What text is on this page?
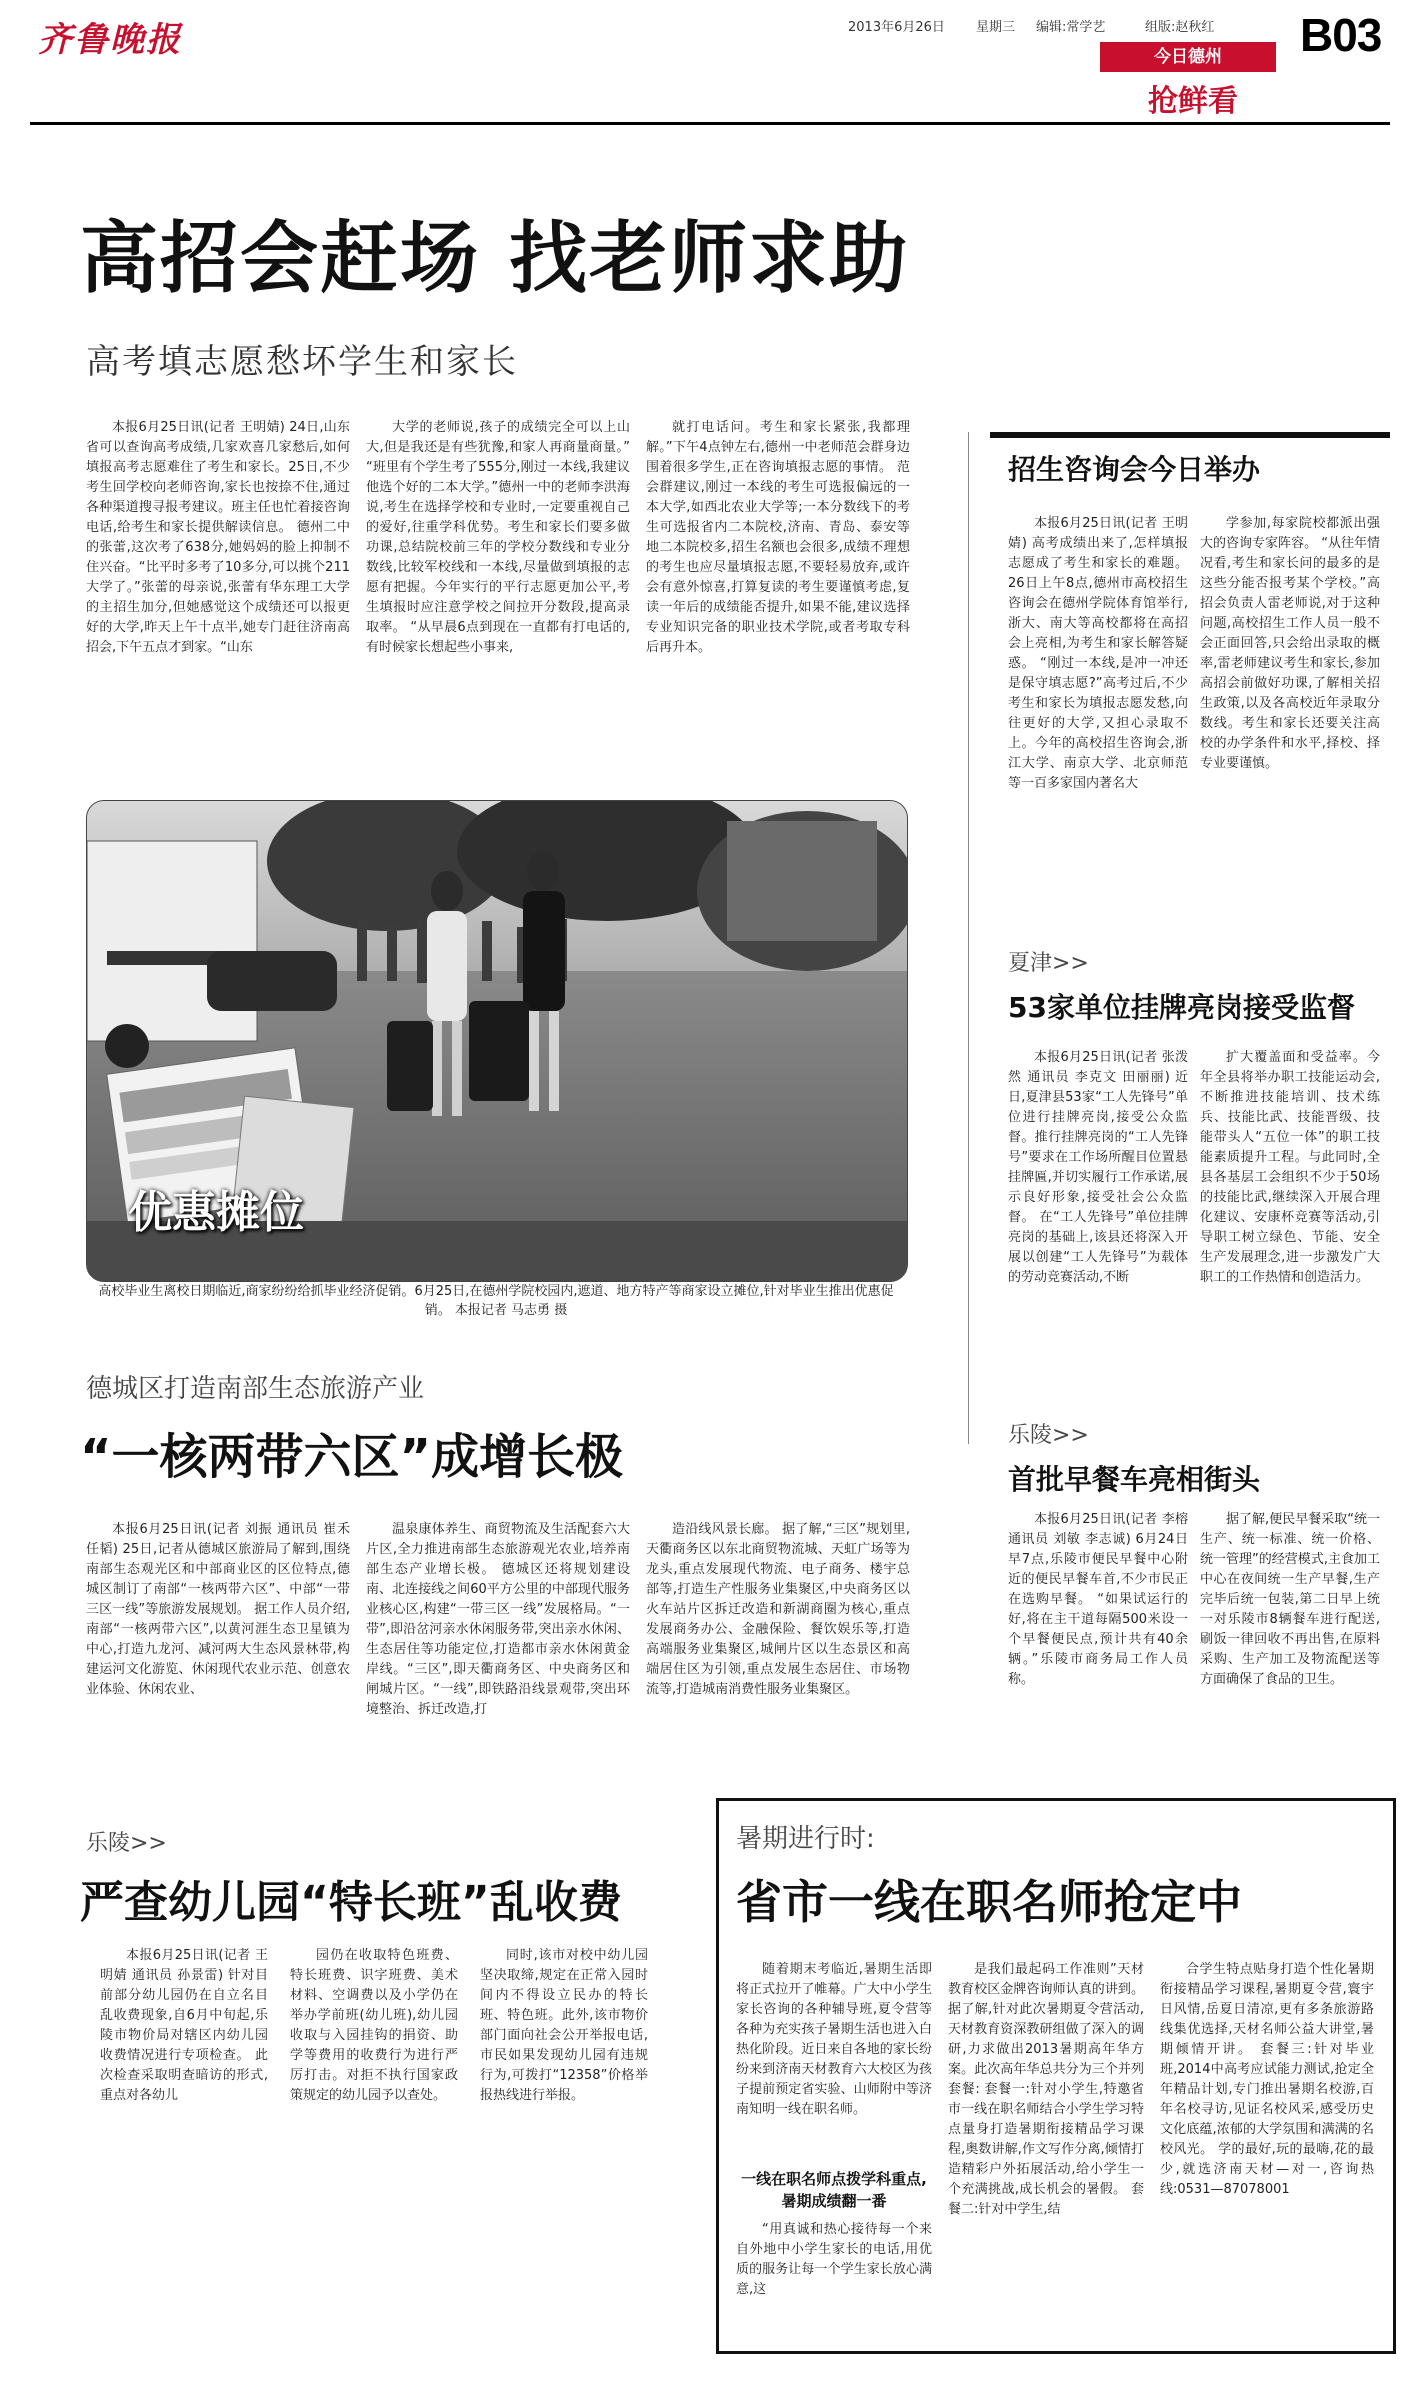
齐鲁晚报	2013年6月26日 星期三 编辑:常学艺	组版:赵秋红 B03
今日德州
抢鲜看
高招会赶场 找老师求助
高考填志愿愁坏学生和家长

本报6月25日讯(记者 王明婧) 24日,山东省可以查询高考成绩,几家欢喜几家愁后,如何填报高考志愿难住了考生和家长。25日,不少考生回学校向老师咨询,家长也按捺不住,通过各种渠道搜寻报考建议。班主任也忙着接咨询电话,给考生和家长提供解读信息。 德州二中的张蕾,这次考了638分,她妈妈的脸上抑制不住兴奋。“比平时多考了10多分,可以挑个211大学了。”张蕾的母亲说,张蕾有华东理工大学的主招生加分,但她感觉这个成绩还可以报更好的大学,昨天上午十点半,她专门赶往济南高招会,下午五点才到家。“山东

大学的老师说,孩子的成绩完全可以上山大,但是我还是有些犹豫,和家人再商量商量。” “班里有个学生考了555分,刚过一本线,我建议他选个好的二本大学。”德州一中的老师李洪海说,考生在选择学校和专业时,一定要重视自己的爱好,往重学科优势。考生和家长们要多做功课,总结院校前三年的学校分数线和专业分数线,比较军校线和一本线,尽量做到填报的志愿有把握。今年实行的平行志愿更加公平,考生填报时应注意学校之间拉开分数段,提高录取率。 “从早晨6点到现在一直都有打电话的,有时候家长想起些小事来,

就打电话问。考生和家长紧张,我都理解。”下午4点钟左右,德州一中老师范会群身边围着很多学生,正在咨询填报志愿的事情。 范会群建议,刚过一本线的考生可选报偏远的一本大学,如西北农业大学等;一本分数线下的考生可选报省内二本院校,济南、青岛、泰安等地二本院校多,招生名额也会很多,成绩不理想的考生也应尽量填报志愿,不要轻易放弃,或许会有意外惊喜,打算复读的考生要谨慎考虑,复读一年后的成绩能否提升,如果不能,建议选择专业知识完备的职业技术学院,或者考取专科后再升本。

优惠摊位
高校毕业生离校日期临近,商家纷纷给抓毕业经济促销。6月25日,在德州学院校园内,遮道、地方特产等商家设立摊位,针对毕业生推出优惠促销。 本报记者 马志勇 摄
招生咨询会今日举办

本报6月25日讯(记者 王明婧) 高考成绩出来了,怎样填报志愿成了考生和家长的难题。26日上午8点,德州市高校招生咨询会在德州学院体育馆举行,浙大、南大等高校都将在高招会上亮相,为考生和家长解答疑惑。 “刚过一本线,是冲一冲还是保守填志愿?”高考过后,不少考生和家长为填报志愿发愁,向往更好的大学,又担心录取不上。今年的高校招生咨询会,浙江大学、南京大学、北京师范等一百多家国内著名大

学参加,每家院校都派出强大的咨询专家阵容。 “从往年情况看,考生和家长问的最多的是这些分能否报考某个学校。”高招会负责人雷老师说,对于这种问题,高校招生工作人员一般不会正面回答,只会给出录取的概率,雷老师建议考生和家长,参加高招会前做好功课,了解相关招生政策,以及各高校近年录取分数线。考生和家长还要关注高校的办学条件和水平,择校、择专业要谨慎。

夏津>>
53家单位挂牌亮岗接受监督

本报6月25日讯(记者 张泼然 通讯员 李克文 田丽丽) 近日,夏津县53家“工人先锋号”单位进行挂牌亮岗,接受公众监督。推行挂牌亮岗的“工人先锋号”要求在工作场所醒目位置悬挂牌匾,并切实履行工作承诺,展示良好形象,接受社会公众监督。 在“工人先锋号”单位挂牌亮岗的基础上,该县还将深入开展以创建“工人先锋号”为载体的劳动竞赛活动,不断

扩大覆盖面和受益率。今年全县将举办职工技能运动会,不断推进技能培训、技术练兵、技能比武、技能晋级、技能带头人“五位一体”的职工技能素质提升工程。与此同时,全县各基层工会组织不少于50场的技能比武,继续深入开展合理化建议、安康杯竞赛等活动,引导职工树立绿色、节能、安全生产发展理念,进一步激发广大职工的工作热情和创造活力。

乐陵>>
首批早餐车亮相街头

本报6月25日讯(记者 李榕 通讯员 刘敏 李志诚) 6月24日早7点,乐陵市便民早餐中心附近的便民早餐车首,不少市民正在选购早餐。 “如果试运行的好,将在主干道每隔500米设一个早餐便民点,预计共有40余辆。”乐陵市商务局工作人员称。

据了解,便民早餐采取“统一生产、统一标准、统一价格、统一管理”的经营模式,主食加工中心在夜间统一生产早餐,生产完毕后统一包装,第二日早上统一对乐陵市8辆餐车进行配送,刷饭一律回收不再出售,在原料采购、生产加工及物流配送等方面确保了食品的卫生。

德城区打造南部生态旅游产业
“一核两带六区”成增长极

本报6月25日讯(记者 刘振 通讯员 崔禾 任韬) 25日,记者从德城区旅游局了解到,围绕南部生态观光区和中部商业区的区位特点,德城区制订了南部“一核两带六区”、中部“一带三区一线”等旅游发展规划。 据工作人员介绍,南部“一核两带六区”,以黄河涯生态卫星镇为中心,打造九龙河、减河两大生态风景林带,构建运河文化游览、休闲现代农业示范、创意农业体验、休闲农业、

温泉康体养生、商贸物流及生活配套六大片区,全力推进南部生态旅游观光农业,培养南部生态产业增长极。 德城区还将规划建设南、北连接线之间60平方公里的中部现代服务业核心区,构建“一带三区一线”发展格局。“一带”,即沿岔河亲水休闲服务带,突出亲水休闲、生态居住等功能定位,打造都市亲水休闲黄金岸线。“三区”,即天衢商务区、中央商务区和闸城片区。“一线”,即铁路沿线景观带,突出环境整治、拆迁改造,打

造沿线风景长廊。 据了解,“三区”规划里,天衢商务区以东北商贸物流城、天虹广场等为龙头,重点发展现代物流、电子商务、楼宇总部等,打造生产性服务业集聚区,中央商务区以火车站片区拆迁改造和新湖商圈为核心,重点发展商务办公、金融保险、餐饮娱乐等,打造高端服务业集聚区,城闸片区以生态景区和高端居住区为引领,重点发展生态居住、市场物流等,打造城南消费性服务业集聚区。

乐陵>>
严查幼儿园“特长班”乱收费

本报6月25日讯(记者 王明婧 通讯员 孙景雷) 针对目前部分幼儿园仍在自立名目乱收费现象,自6月中旬起,乐陵市物价局对辖区内幼儿园收费情况进行专项检查。 此次检查采取明查暗访的形式,重点对各幼儿

园仍在收取特色班费、特长班费、识字班费、美术材料、空调费以及小学仍在举办学前班(幼儿班),幼儿园收取与入园挂钩的捐资、助学等费用的收费行为进行严厉打击。对拒不执行国家政策规定的幼儿园予以查处。

同时,该市对校中幼儿园坚决取缔,规定在正常入园时间内不得设立民办的特长班、特色班。此外,该市物价部门面向社会公开举报电话,市民如果发现幼儿园有违规行为,可拨打“12358”价格举报热线进行举报。

暑期进行时:
省市一线在职名师抢定中

随着期末考临近,暑期生活即将正式拉开了帷幕。广大中小学生家长咨询的各种辅导班,夏令营等各种为充实孩子暑期生活也进入白热化阶段。近日来自各地的家长纷纷来到济南天材教育六大校区为孩子提前预定省实验、山师附中等济南知明一线在职名师。

一线在职名师点拨学科重点,暑期成绩翻一番

“用真诚和热心接待每一个来自外地中小学生家长的电话,用优质的服务让每一个学生家长放心满意,这

是我们最起码工作准则”天材教育校区金牌咨询师认真的讲到。据了解,针对此次暑期夏令营活动,天材教育资深教研组做了深入的调研,力求做出2013暑期高年华方案。此次高年华总共分为三个并列套餐: 套餐一:针对小学生,特邀省市一线在职名师结合小学生学习特点量身打造暑期衔接精品学习课程,奥数讲解,作文写作分离,倾情打造精彩户外拓展活动,给小学生一个充满挑战,成长机会的暑假。 套餐二:针对中学生,结

合学生特点贴身打造个性化暑期衔接精品学习课程,暑期夏令营,寰宇日风情,岳夏日清凉,更有多条旅游路线集优选择,天材名师公益大讲堂,暑期倾情开讲。 套餐三:针对毕业班,2014中高考应试能力测试,抢定全年精品计划,专门推出暑期名校游,百年名校寻访,见证名校风采,感受历史文化底蕴,浓郁的大学氛围和满满的名校风光。 学的最好,玩的最嗨,花的最少,就选济南天材—对一,咨询热线:0531—87078001
